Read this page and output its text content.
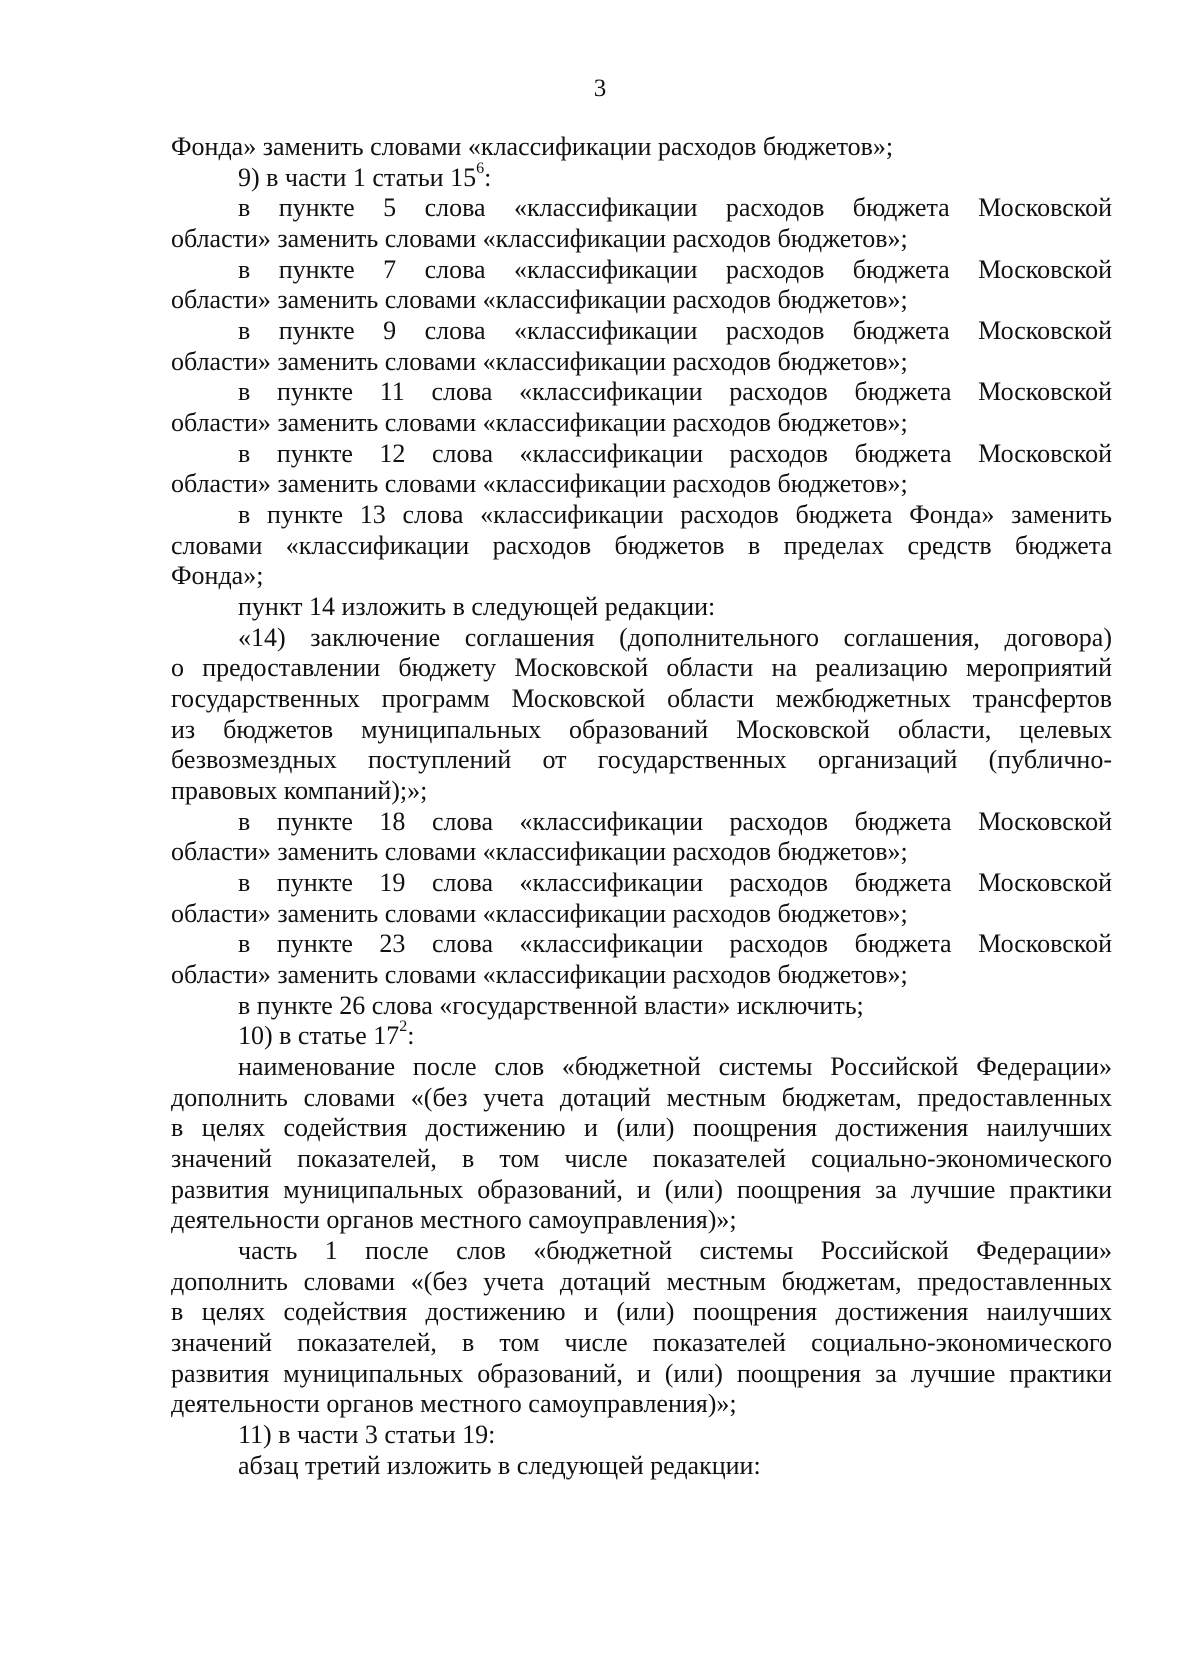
3
Фонда» заменить словами «классификации расходов бюджетов»;
9) в части 1 статьи $15^6$:
в пункте 5 слова «классификации расходов бюджета Московской
области» заменить словами «классификации расходов бюджетов»;
в пункте 7 слова «классификации расходов бюджета Московской
области» заменить словами «классификации расходов бюджетов»;
в пункте 9 слова «классификации расходов бюджета Московской
области» заменить словами «классификации расходов бюджетов»;
в пункте 11 слова «классификации расходов бюджета Московской
области» заменить словами «классификации расходов бюджетов»;
в пункте 12 слова «классификации расходов бюджета Московской
области» заменить словами «классификации расходов бюджетов»;
в пункте 13 слова «классификации расходов бюджета Фонда» заменить
словами «классификации расходов бюджетов в пределах средств бюджета
Фонда»;
пункт 14 изложить в следующей редакции:
«14) заключение соглашения (дополнительного соглашения, договора)
о предоставлении бюджету Московской области на реализацию мероприятий
государственных программ Московской области межбюджетных трансфертов
из бюджетов муниципальных образований Московской области, целевых
безвозмездных поступлений от государственных организаций (публично-
правовых компаний);»;
в пункте 18 слова «классификации расходов бюджета Московской
области» заменить словами «классификации расходов бюджетов»;
в пункте 19 слова «классификации расходов бюджета Московской
области» заменить словами «классификации расходов бюджетов»;
в пункте 23 слова «классификации расходов бюджета Московской
области» заменить словами «классификации расходов бюджетов»;
в пункте 26 слова «государственной власти» исключить;
10) в статье $17^2$:
наименование после слов «бюджетной системы Российской Федерации»
дополнить словами «(без учета дотаций местным бюджетам, предоставленных
в целях содействия достижению и (или) поощрения достижения наилучших
значений показателей, в том числе показателей социально-экономического
развития муниципальных образований, и (или) поощрения за лучшие практики
деятельности органов местного самоуправления)»;
часть 1 после слов «бюджетной системы Российской Федерации»
дополнить словами «(без учета дотаций местным бюджетам, предоставленных
в целях содействия достижению и (или) поощрения достижения наилучших
значений показателей, в том числе показателей социально-экономического
развития муниципальных образований, и (или) поощрения за лучшие практики
деятельности органов местного самоуправления)»;
11) в части 3 статьи 19:
абзац третий изложить в следующей редакции:
